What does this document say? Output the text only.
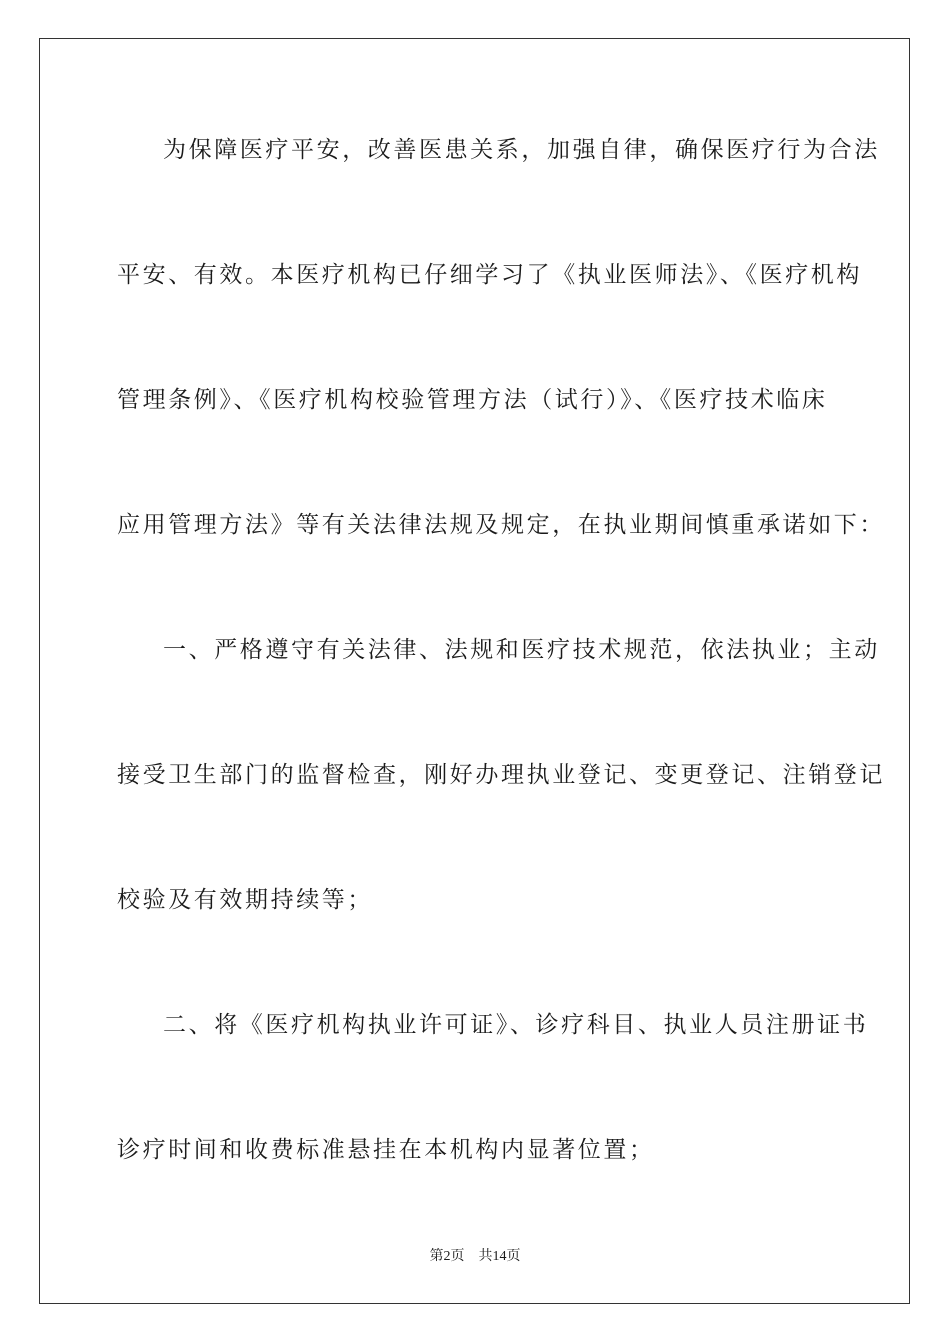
为保障医疗平安，改善医患关系，加强自律，确保医疗行为合法
平安、有效。本医疗机构已仔细学习了《执业医师法》、《医疗机构
管理条例》、《医疗机构校验管理方法（试行）》、《医疗技术临床
应用管理方法》等有关法律法规及规定，在执业期间慎重承诺如下：
一、严格遵守有关法律、法规和医疗技术规范，依法执业；主动
接受卫生部门的监督检查，刚好办理执业登记、变更登记、注销登记
校验及有效期持续等；
二、将《医疗机构执业许可证》、诊疗科目、执业人员注册证书
诊疗时间和收费标准悬挂在本机构内显著位置；
第2页 共14页
